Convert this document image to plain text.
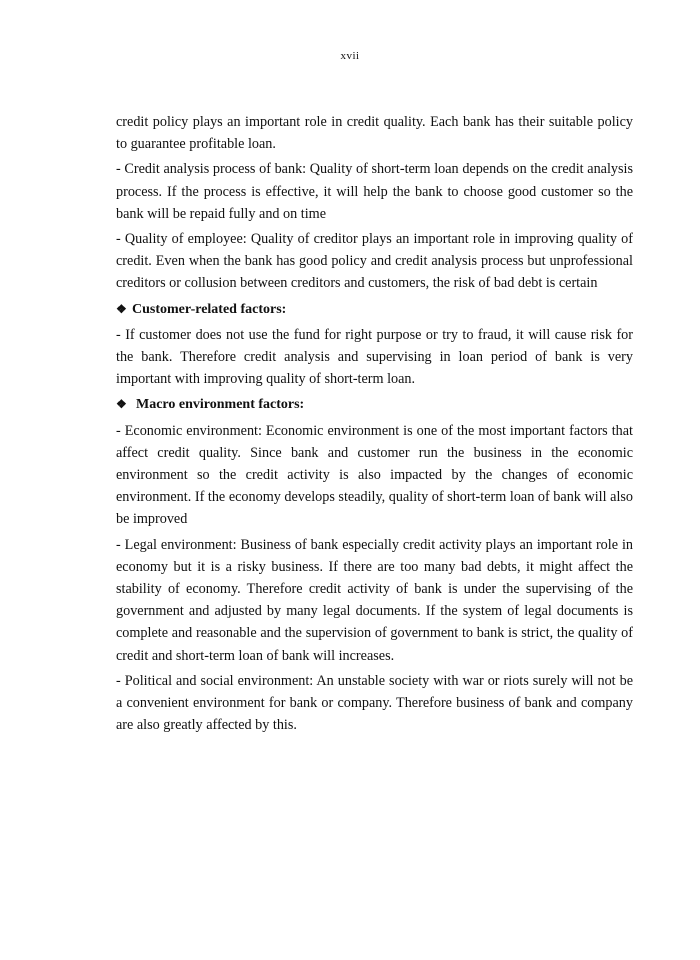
xvii

credit policy plays an important role in credit quality. Each bank has their suitable policy to guarantee profitable loan.

- Credit analysis process of bank: Quality of short-term loan depends on the credit analysis process. If the process is effective, it will help the bank to choose good customer so the bank will be repaid fully and on time

- Quality of employee: Quality of creditor plays an important role in improving quality of credit. Even when the bank has good policy and credit analysis process but unprofessional creditors or collusion between creditors and customers, the risk of bad debt is certain

❖ Customer-related factors:

- If customer does not use the fund for right purpose or try to fraud, it will cause risk for the bank. Therefore credit analysis and supervising in loan period of bank is very important with improving quality of short-term loan.

❖ Macro environment factors:

- Economic environment: Economic environment is one of the most important factors that affect credit quality. Since bank and customer run the business in the economic environment so the credit activity is also impacted by the changes of economic environment. If the economy develops steadily, quality of short-term loan of bank will also be improved

- Legal environment: Business of bank especially credit activity plays an important role in economy but it is a risky business. If there are too many bad debts, it might affect the stability of economy. Therefore credit activity of bank is under the supervising of the government and adjusted by many legal documents. If the system of legal documents is complete and reasonable and the supervision of government to bank is strict, the quality of credit and short-term loan of bank will increases.

- Political and social environment: An unstable society with war or riots surely will not be a convenient environment for bank or company. Therefore business of bank and company are also greatly affected by this.
